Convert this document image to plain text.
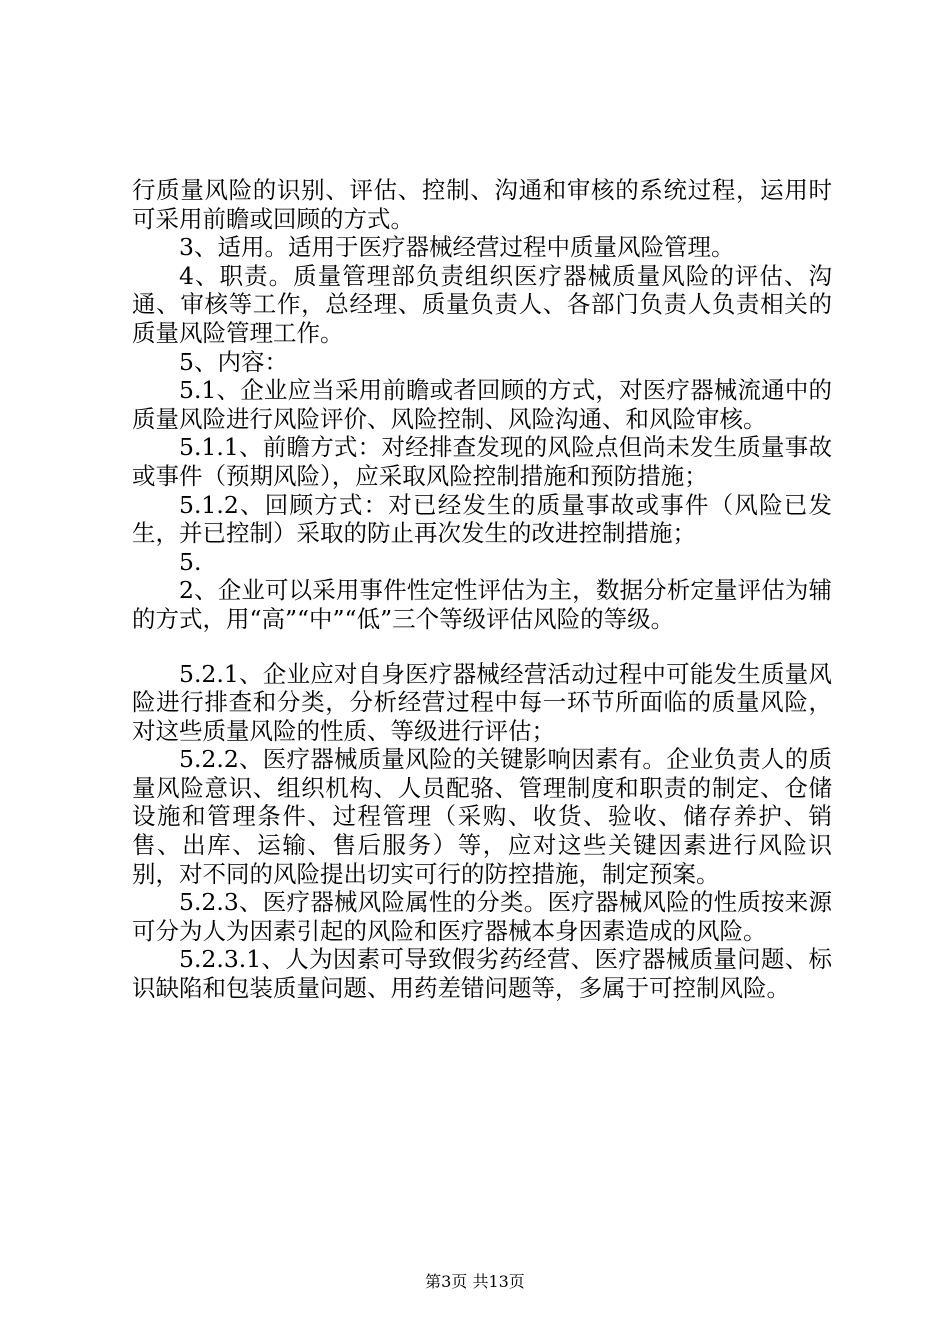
行质量风险的识别、评估、控制、沟通和审核的系统过程，运用时可采用前瞻或回顾的方式。

3、适用。适用于医疗器械经营过程中质量风险管理。

4、职责。质量管理部负责组织医疗器械质量风险的评估、沟通、审核等工作，总经理、质量负责人、各部门负责人负责相关的质量风险管理工作。

5、内容：

5.1、企业应当采用前瞻或者回顾的方式，对医疗器械流通中的质量风险进行风险评价、风险控制、风险沟通、和风险审核。

5.1.1、前瞻方式：对经排查发现的风险点但尚未发生质量事故或事件（预期风险），应采取风险控制措施和预防措施；

5.1.2、回顾方式：对已经发生的质量事故或事件（风险已发生，并已控制）采取的防止再次发生的改进控制措施；

5.

2、企业可以采用事件性定性评估为主，数据分析定量评估为辅的方式，用“高”“中”“低”三个等级评估风险的等级。

5.2.1、企业应对自身医疗器械经营活动过程中可能发生质量风险进行排查和分类，分析经营过程中每一环节所面临的质量风险，对这些质量风险的性质、等级进行评估；

5.2.2、医疗器械质量风险的关键影响因素有。企业负责人的质量风险意识、组织机构、人员配骆、管理制度和职责的制定、仓储设施和管理条件、过程管理（采购、收货、验收、储存养护、销售、出库、运输、售后服务）等，应对这些关键因素进行风险识别，对不同的风险提出切实可行的防控措施，制定预案。

5.2.3、医疗器械风险属性的分类。医疗器械风险的性质按来源可分为人为因素引起的风险和医疗器械本身因素造成的风险。

5.2.3.1、人为因素可导致假劣药经营、医疗器械质量问题、标识缺陷和包装质量问题、用药差错问题等，多属于可控制风险。

第3页 共13页
